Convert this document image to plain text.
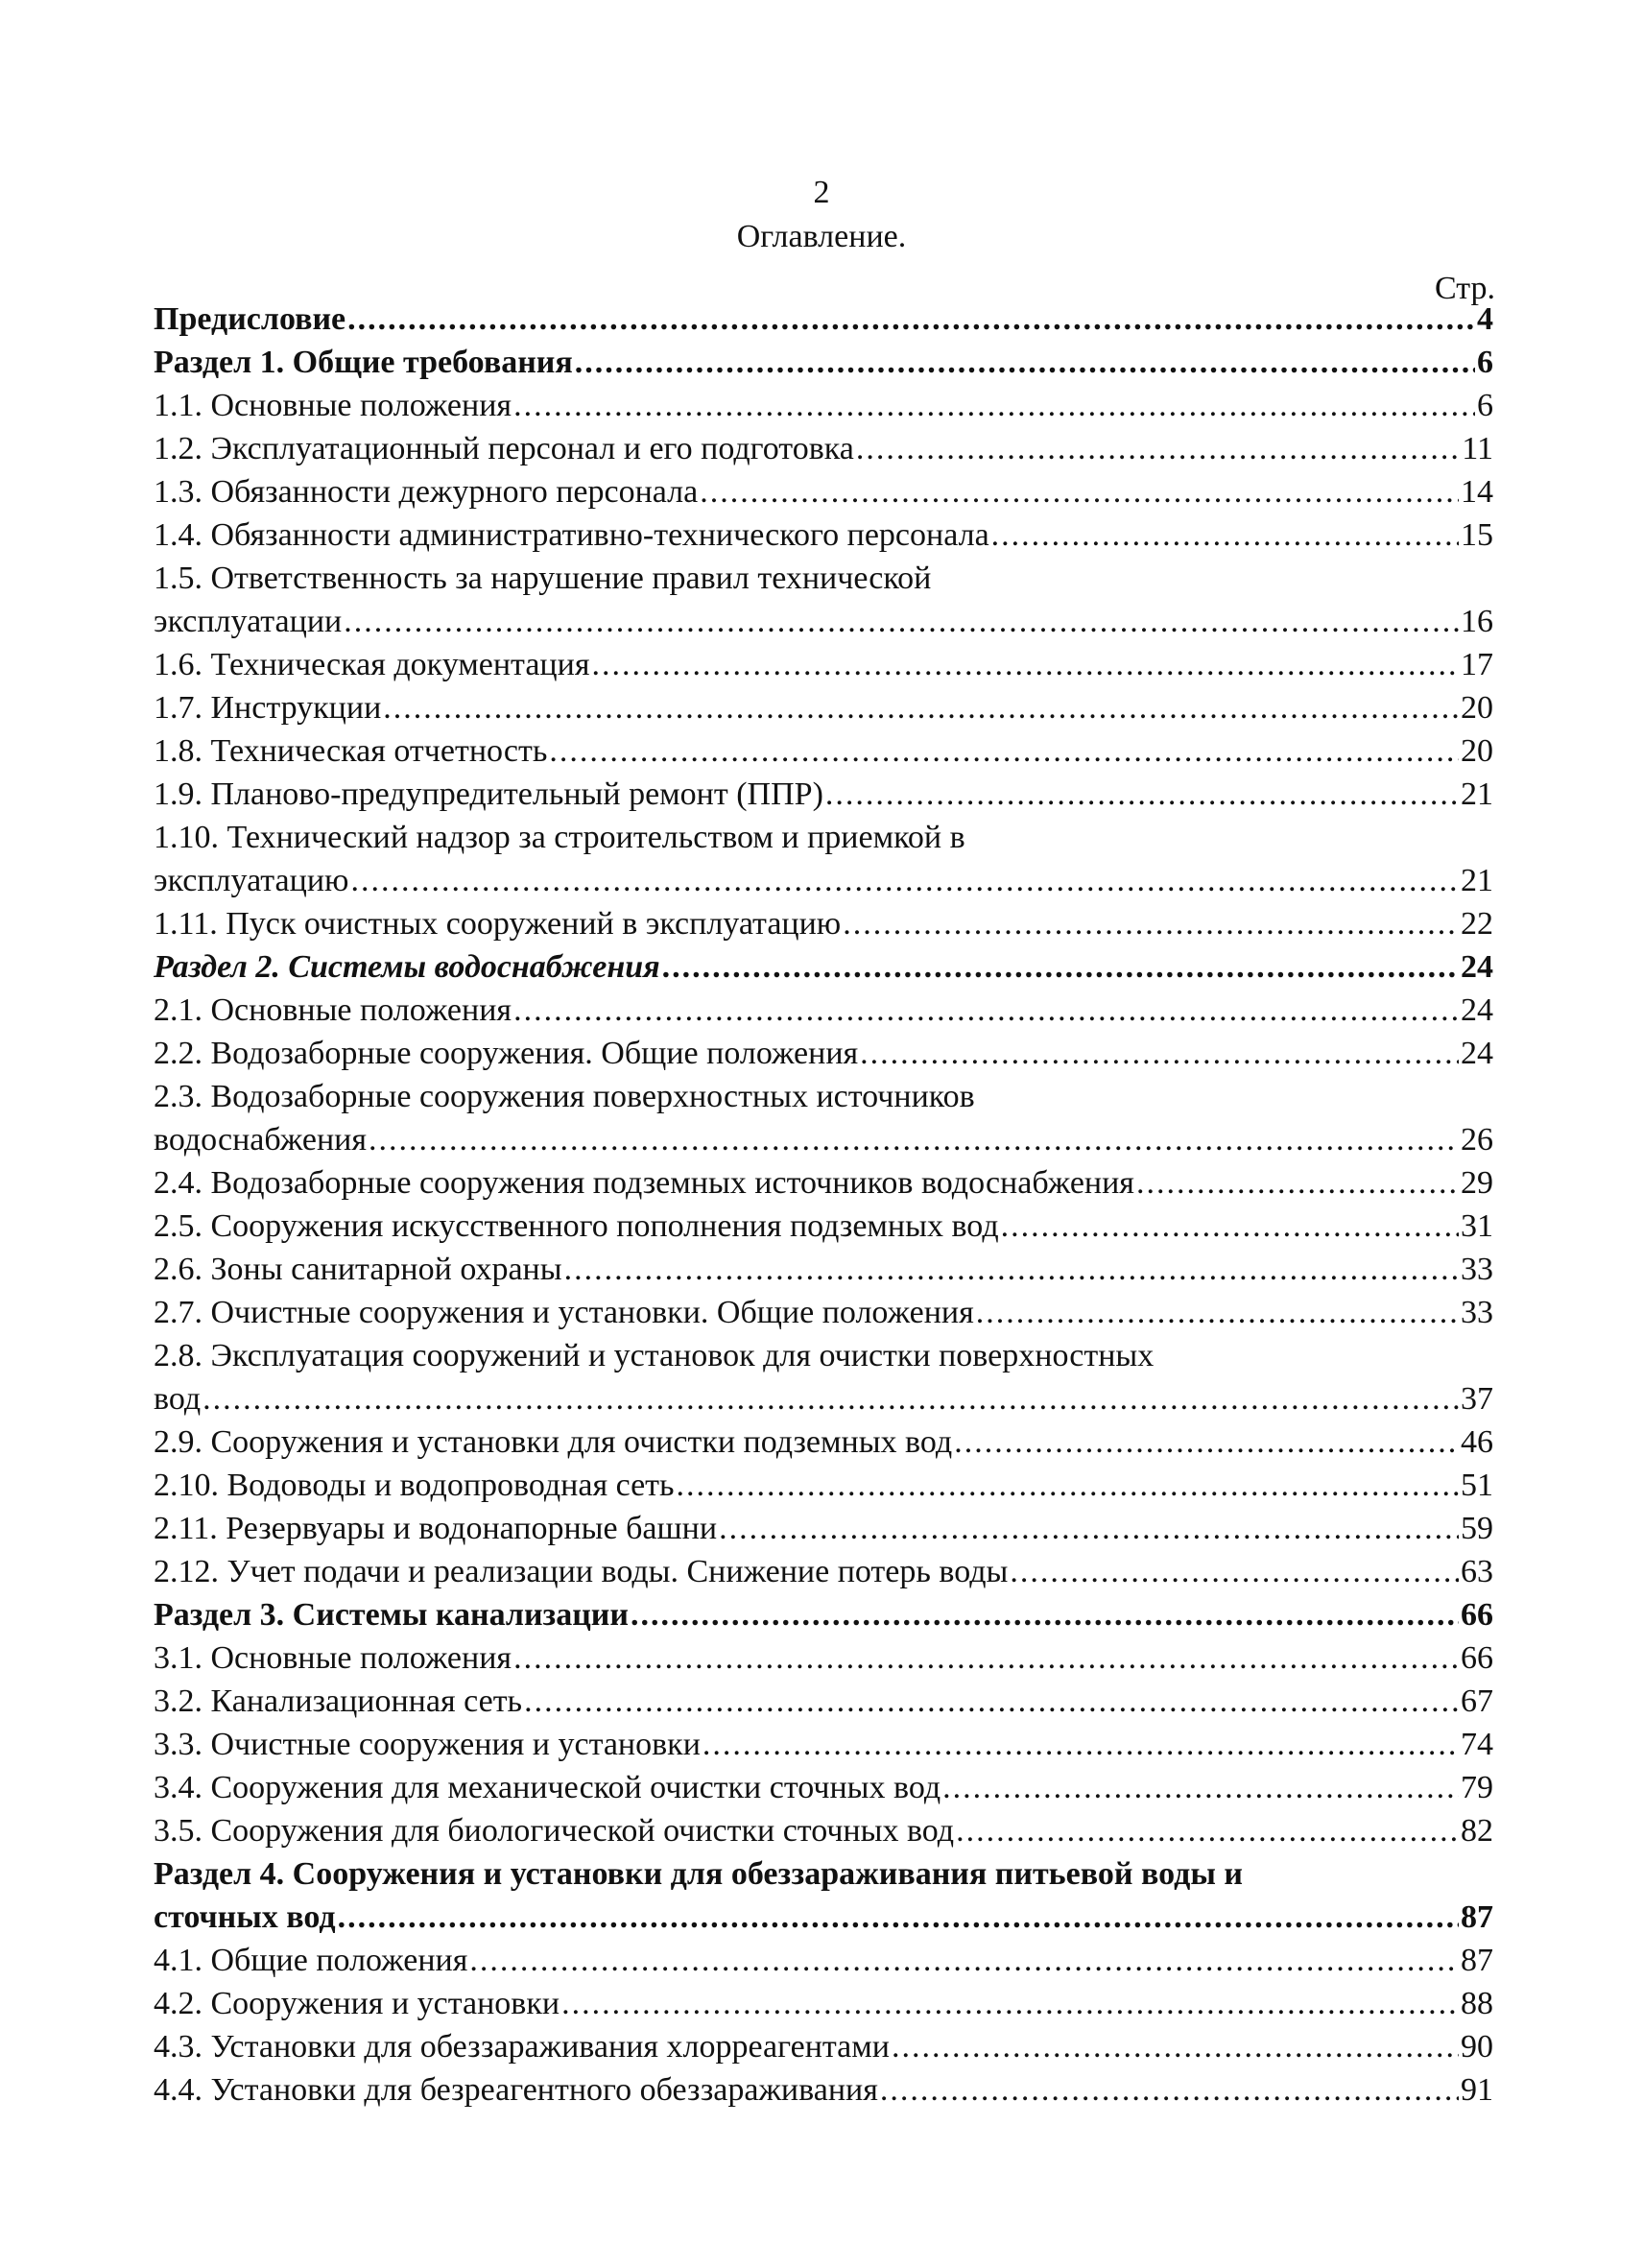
2
Оглавление.
Стр.
Предисловие .....	4
Раздел 1. Общие требования .....	6
1.1. Основные положения .....	6
1.2. Эксплуатационный персонал и его подготовка .....	11
1.3. Обязанности дежурного персонала .....	14
1.4. Обязанности административно-технического персонала .....	15
1.5. Ответственность за нарушение правил технической
эксплуатации .....	16
1.6. Техническая документация .....	17
1.7. Инструкции .....	20
1.8. Техническая отчетность .....	20
1.9. Планово-предупредительный ремонт (ППР) .....	21
1.10. Технический надзор за строительством и приемкой в
эксплуатацию .....	21
1.11. Пуск очистных сооружений в эксплуатацию .....	22
Раздел 2. Системы водоснабжения .....	24
2.1. Основные положения .....	24
2.2. Водозаборные сооружения. Общие положения .....	24
2.3. Водозаборные сооружения поверхностных источников
водоснабжения .....	26
2.4. Водозаборные сооружения подземных источников водоснабжения .....	29
2.5. Сооружения искусственного пополнения подземных вод .....	31
2.6. Зоны санитарной охраны .....	33
2.7. Очистные сооружения и установки. Общие положения .....	33
2.8. Эксплуатация сооружений и установок для очистки поверхностных
вод .....	37
2.9. Сооружения и установки для очистки подземных вод .....	46
2.10. Водоводы и водопроводная сеть .....	51
2.11. Резервуары и водонапорные башни .....	59
2.12. Учет подачи и реализации воды. Снижение потерь воды .....	63
Раздел 3. Системы канализации .....	66
3.1. Основные положения .....	66
3.2. Канализационная сеть .....	67
3.3. Очистные сооружения и установки .....	74
3.4. Сооружения для механической очистки сточных вод .....	79
3.5. Сооружения для биологической очистки сточных вод .....	82
Раздел 4. Сооружения и установки для обеззараживания питьевой воды и
сточных вод .....	87
4.1. Общие положения .....	87
4.2. Сооружения и установки .....	88
4.3. Установки для обеззараживания хлорреагентами .....	90
4.4. Установки для безреагентного обеззараживания .....	91
